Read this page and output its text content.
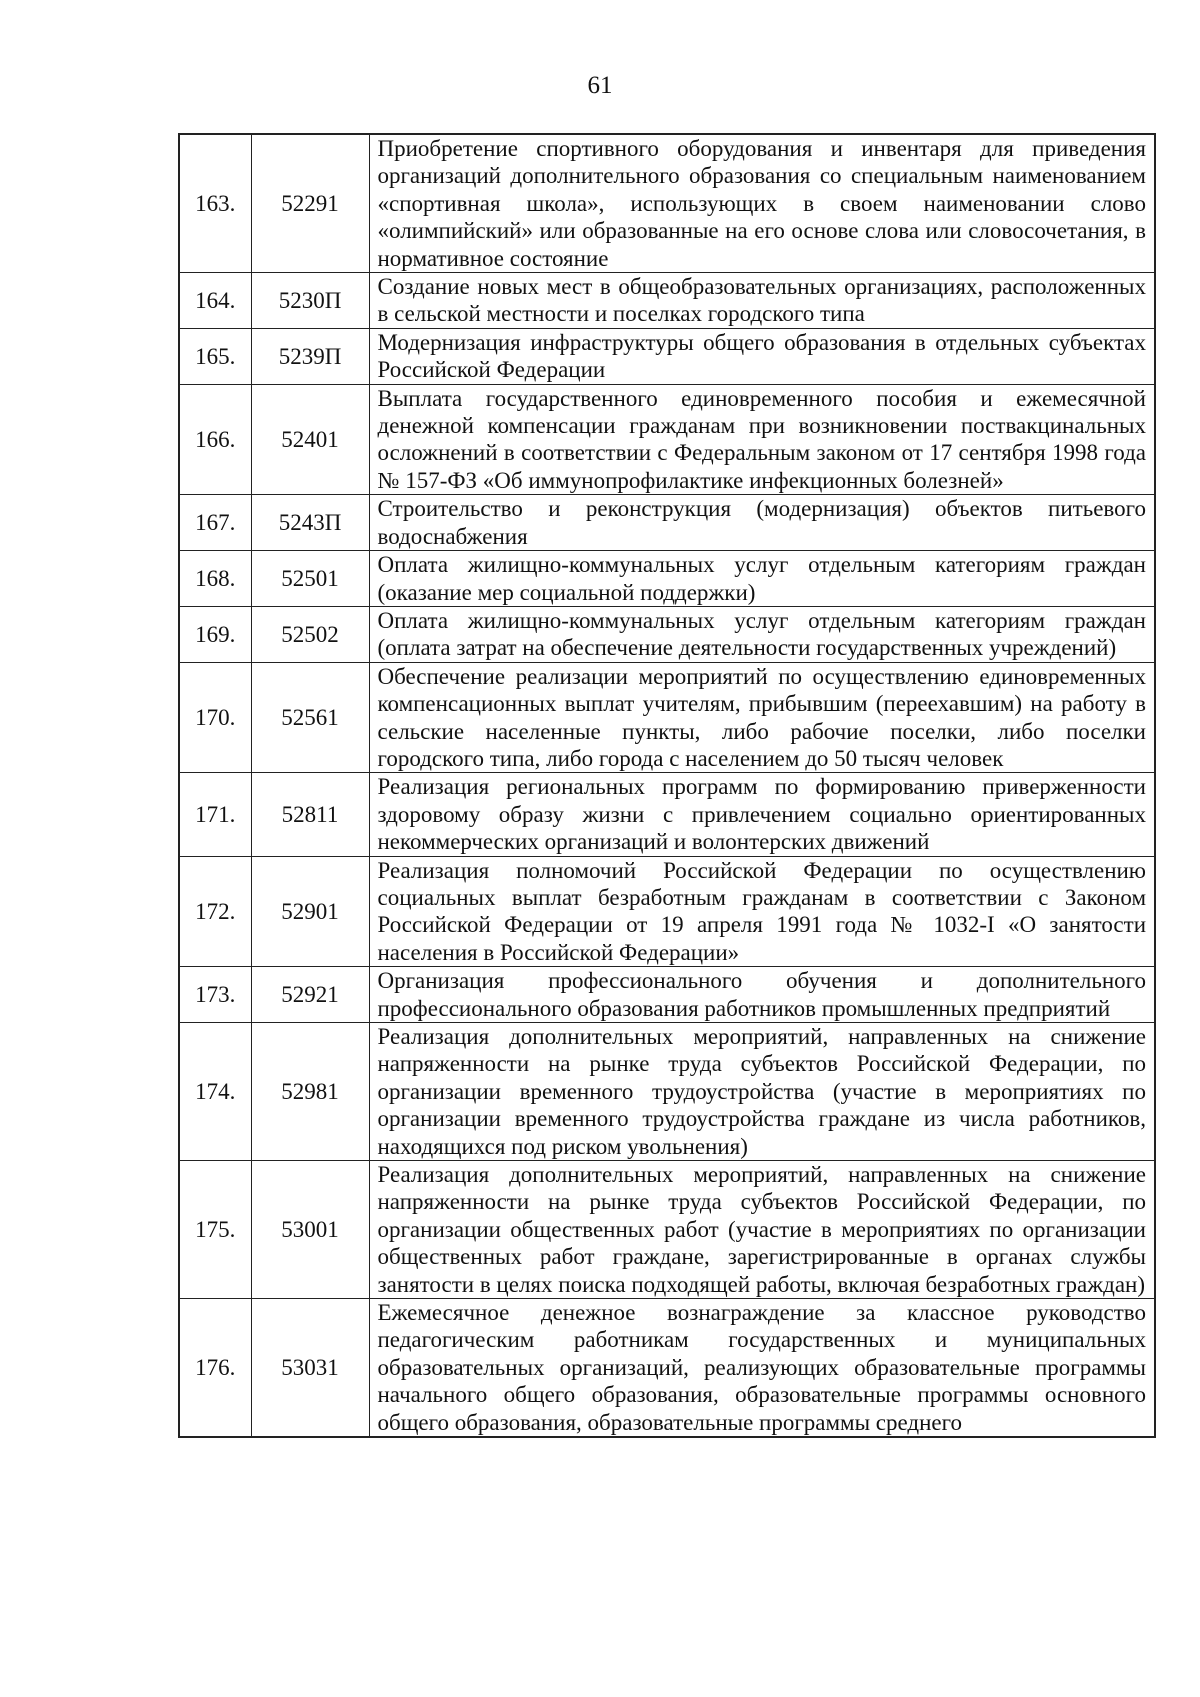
61
163.	52291	Приобретение спортивного оборудования и инвентаря для приведения организаций дополнительного образования со специальным наименованием «спортивная школа», использующих в своем наименовании слово «олимпийский» или образованные на его основе слова или словосочетания, в нормативное состояние
164.	5230П	Создание новых мест в общеобразовательных организациях, расположенных в сельской местности и поселках городского типа
165.	5239П	Модернизация инфраструктуры общего образования в отдельных субъектах Российской Федерации
166.	52401	Выплата государственного единовременного пособия и ежемесячной денежной компенсации гражданам при возникновении поствакцинальных осложнений в соответствии с Федеральным законом от 17 сентября 1998 года № 157-ФЗ «Об иммунопрофилактике инфекционных болезней»
167.	5243П	Строительство и реконструкция (модернизация) объектов питьевого водоснабжения
168.	52501	Оплата жилищно-коммунальных услуг отдельным категориям граждан (оказание мер социальной поддержки)
169.	52502	Оплата жилищно-коммунальных услуг отдельным категориям граждан (оплата затрат на обеспечение деятельности государственных учреждений)
170.	52561	Обеспечение реализации мероприятий по осуществлению единовременных компенсационных выплат учителям, прибывшим (переехавшим) на работу в сельские населенные пункты, либо рабочие поселки, либо поселки городского типа, либо города с населением до 50 тысяч человек
171.	52811	Реализация региональных программ по формированию приверженности здоровому образу жизни с привлечением социально ориентированных некоммерческих организаций и волонтерских движений
172.	52901	Реализация полномочий Российской Федерации по осуществлению социальных выплат безработным гражданам в соответствии с Законом Российской Федерации от 19 апреля 1991 года № 1032-I «О занятости населения в Российской Федерации»
173.	52921	Организация профессионального обучения и дополнительного профессионального образования работников промышленных предприятий
174.	52981	Реализация дополнительных мероприятий, направленных на снижение напряженности на рынке труда субъектов Российской Федерации, по организации временного трудоустройства (участие в мероприятиях по организации временного трудоустройства граждане из числа работников, находящихся под риском увольнения)
175.	53001	Реализация дополнительных мероприятий, направленных на снижение напряженности на рынке труда субъектов Российской Федерации, по организации общественных работ (участие в мероприятиях по организации общественных работ граждане, зарегистрированные в органах службы занятости в целях поиска подходящей работы, включая безработных граждан)
176.	53031	Ежемесячное денежное вознаграждение за классное руководство педагогическим работникам государственных и муниципальных образовательных организаций, реализующих образовательные программы начального общего образования, образовательные программы основного общего образования, образовательные программы среднего
